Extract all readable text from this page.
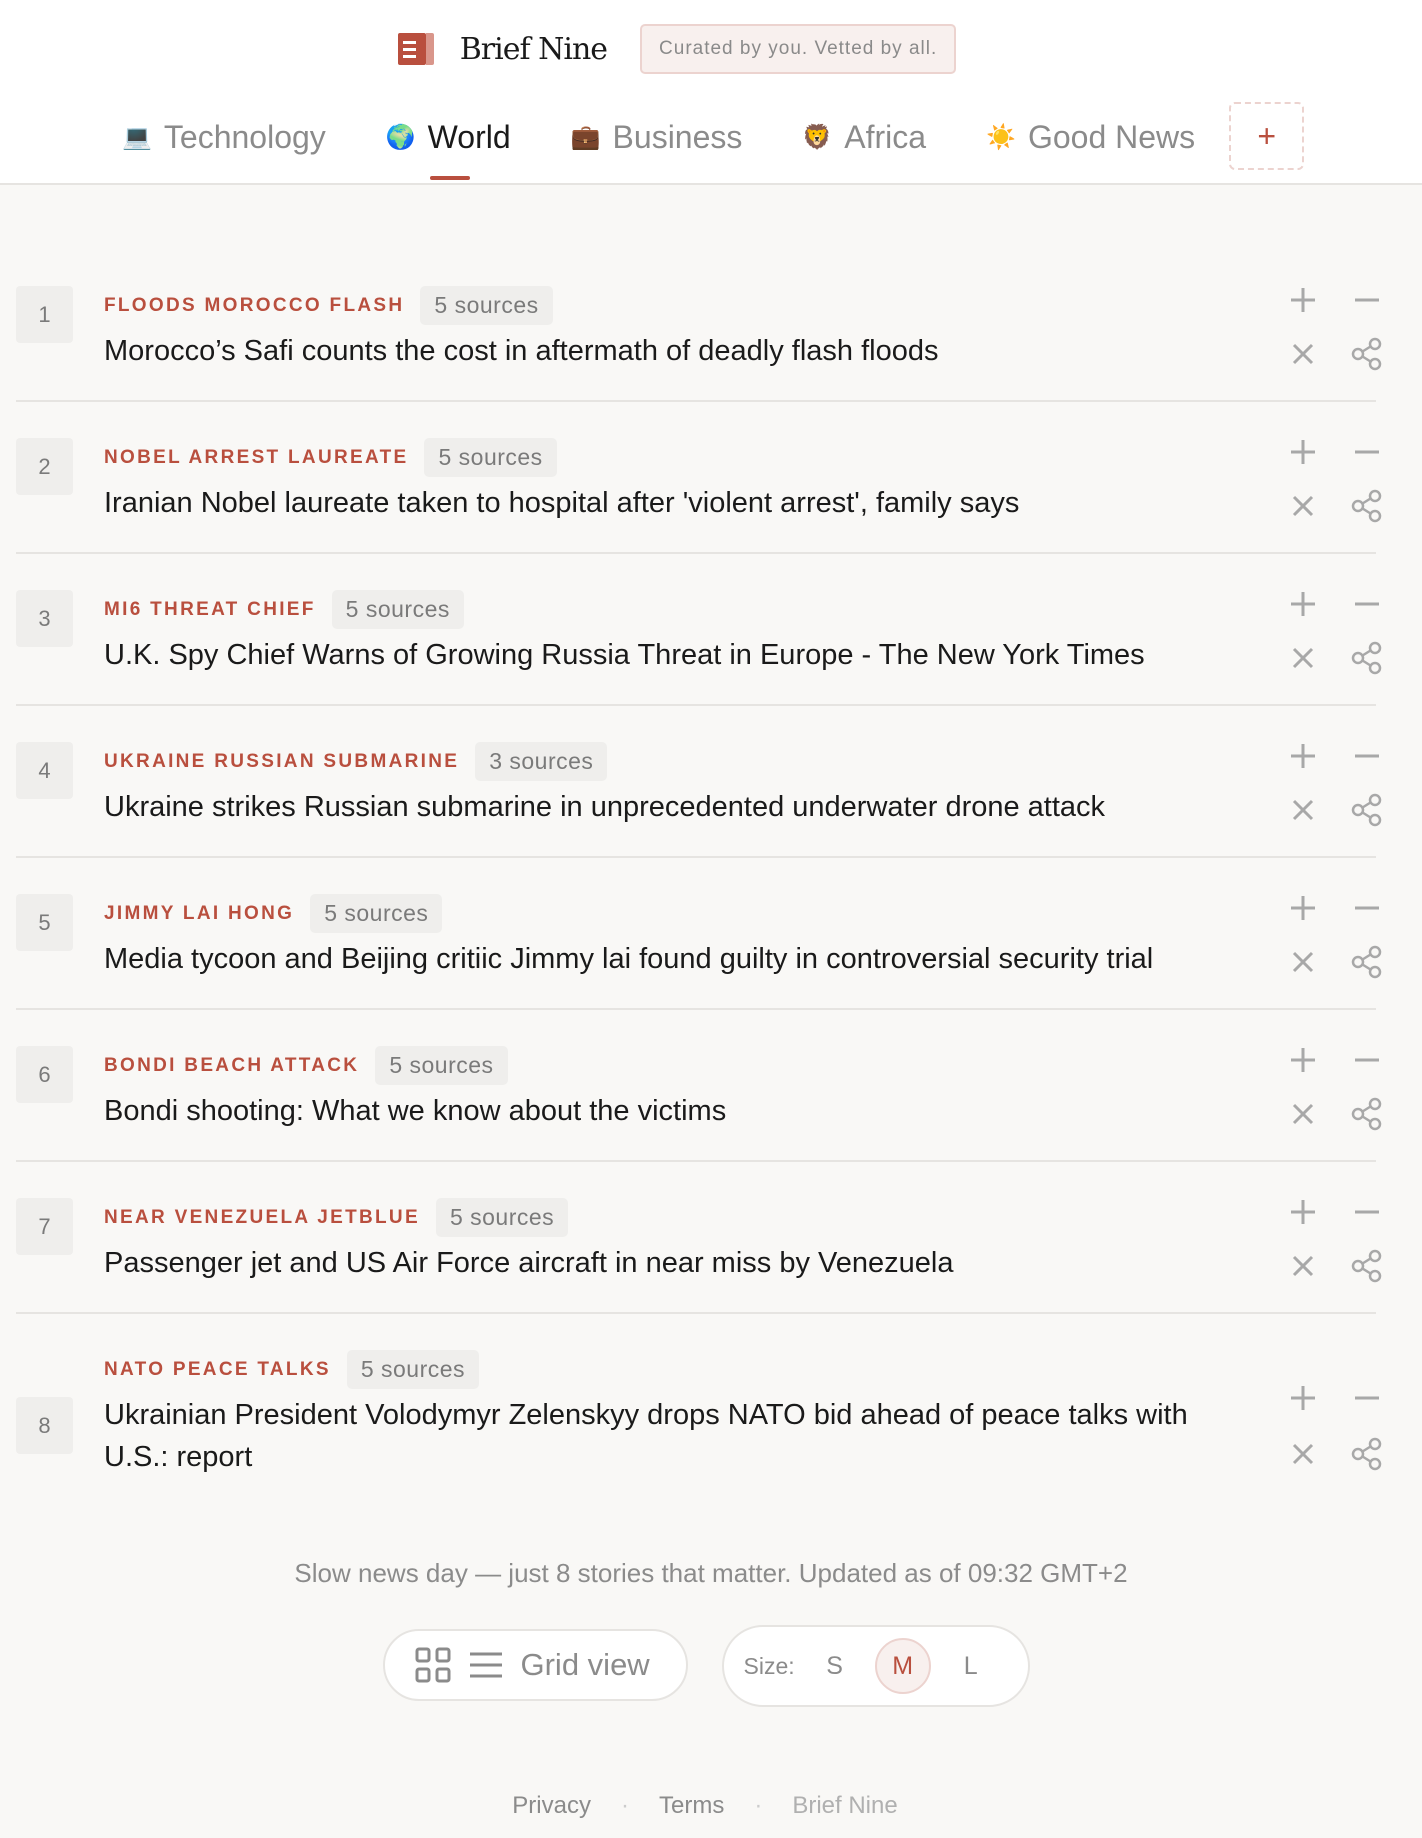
Brief Nine	Curated by you. Vetted by all.
💻 Technology	🌍 World	💼 Business	🦁 Africa	☀️ Good News	+
1	FLOODS MOROCCO FLASH	5 sources
Morocco’s Safi counts the cost in aftermath of deadly flash floods
2	NOBEL ARREST LAUREATE	5 sources
Iranian Nobel laureate taken to hospital after 'violent arrest', family says
3	MI6 THREAT CHIEF	5 sources
U.K. Spy Chief Warns of Growing Russia Threat in Europe - The New York Times
4	UKRAINE RUSSIAN SUBMARINE	3 sources
Ukraine strikes Russian submarine in unprecedented underwater drone attack
5	JIMMY LAI HONG	5 sources
Media tycoon and Beijing critiic Jimmy lai found guilty in controversial security trial
6	BONDI BEACH ATTACK	5 sources
Bondi shooting: What we know about the victims
7	NEAR VENEZUELA JETBLUE	5 sources
Passenger jet and US Air Force aircraft in near miss by Venezuela
8
NATO PEACE TALKS	5 sources
Ukrainian President Volodymyr Zelenskyy drops NATO bid ahead of peace talks with U.S.: report
Slow news day — just 8 stories that matter. Updated as of 09:32 GMT+2
Grid view	Size:	S	M	L
Privacy · Terms · Brief Nine
